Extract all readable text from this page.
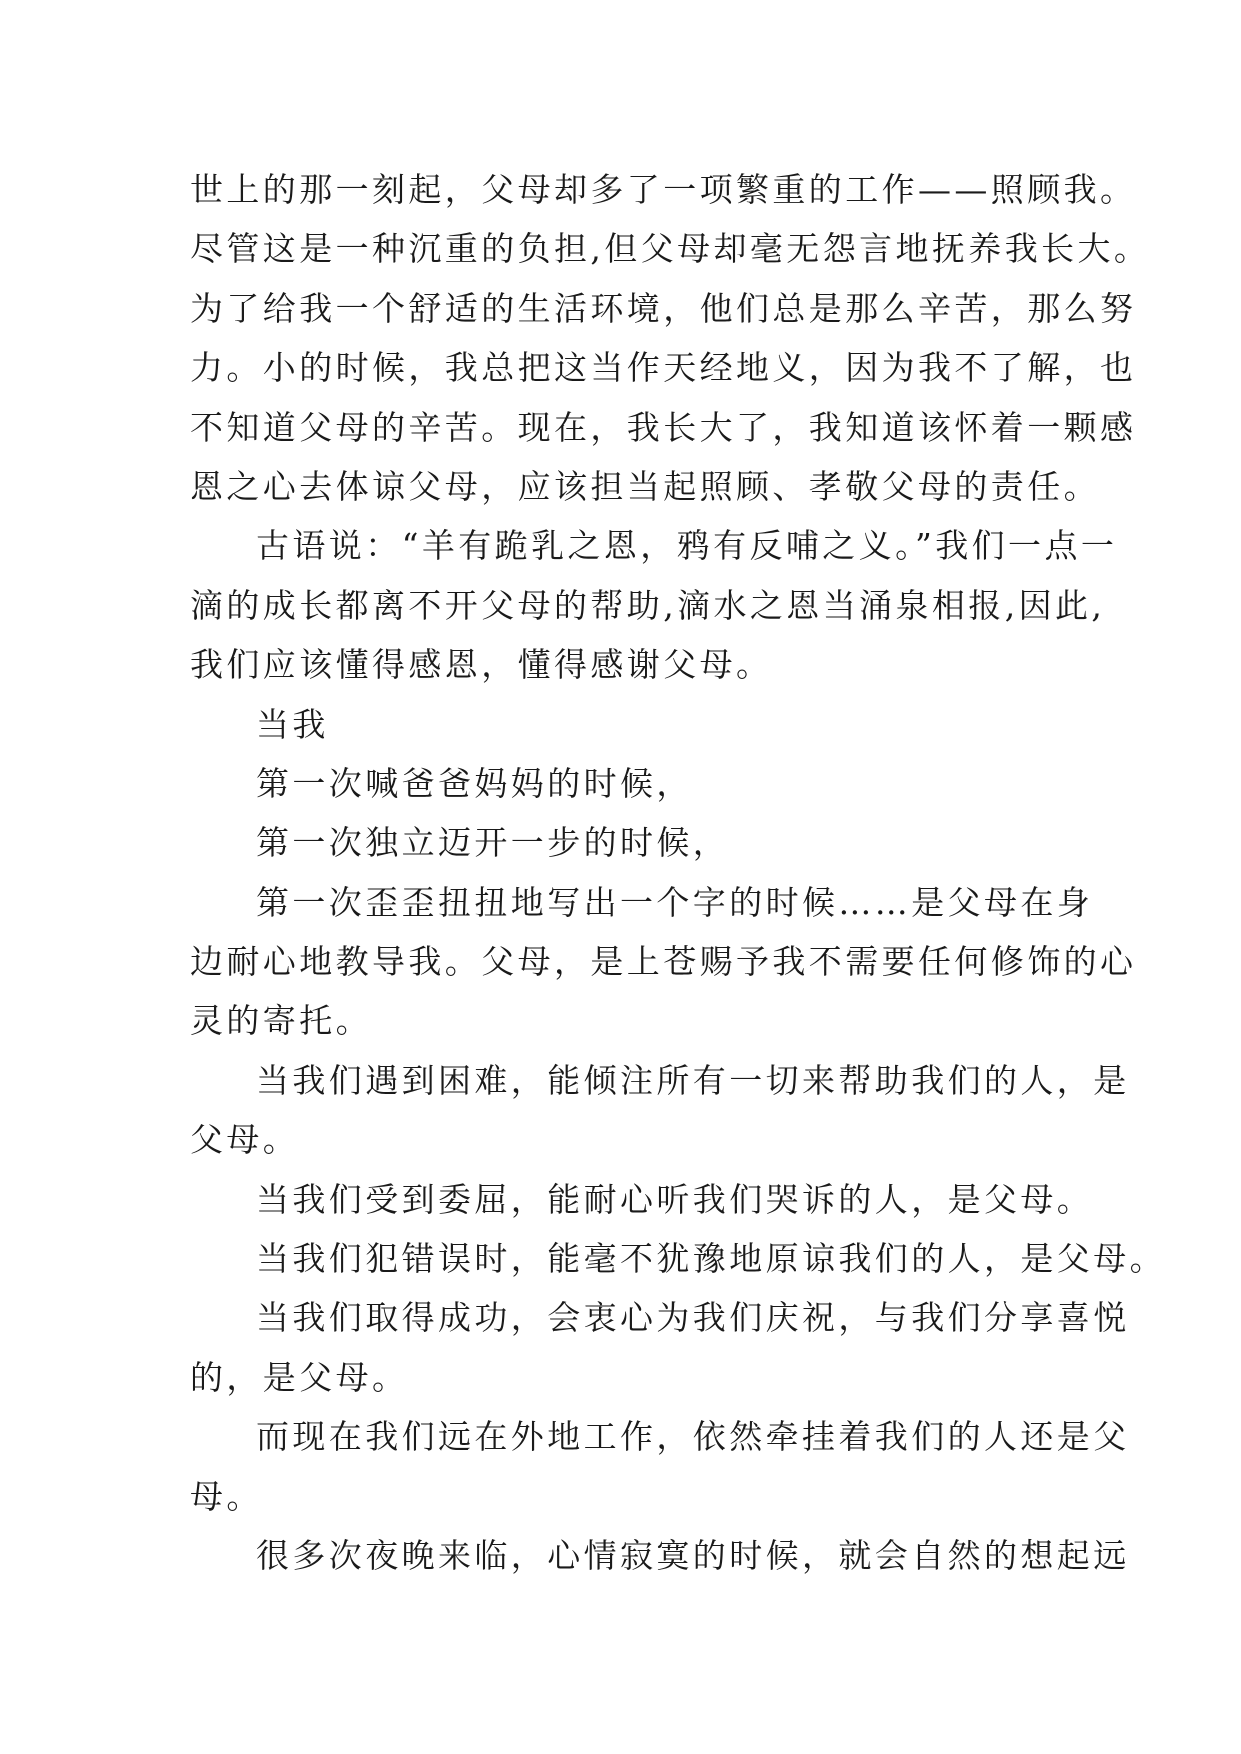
世上的那一刻起，父母却多了一项繁重的工作——照顾我。
尽管这是一种沉重的负担,但父母却毫无怨言地抚养我长大。
为了给我一个舒适的生活环境，他们总是那么辛苦，那么努
力。小的时候，我总把这当作天经地义，因为我不了解，也
不知道父母的辛苦。现在，我长大了，我知道该怀着一颗感
恩之心去体谅父母，应该担当起照顾、孝敬父母的责任。
古语说：“羊有跪乳之恩，鸦有反哺之义。”我们一点一
滴的成长都离不开父母的帮助,滴水之恩当涌泉相报,因此,
我们应该懂得感恩，懂得感谢父母。
当我
第一次喊爸爸妈妈的时候，
第一次独立迈开一步的时候，
第一次歪歪扭扭地写出一个字的时候……是父母在身
边耐心地教导我。父母，是上苍赐予我不需要任何修饰的心
灵的寄托。
当我们遇到困难，能倾注所有一切来帮助我们的人，是
父母。
当我们受到委屈，能耐心听我们哭诉的人，是父母。
当我们犯错误时，能毫不犹豫地原谅我们的人，是父母。
当我们取得成功，会衷心为我们庆祝，与我们分享喜悦
的，是父母。
而现在我们远在外地工作，依然牵挂着我们的人还是父
母。
很多次夜晚来临，心情寂寞的时候，就会自然的想起远
